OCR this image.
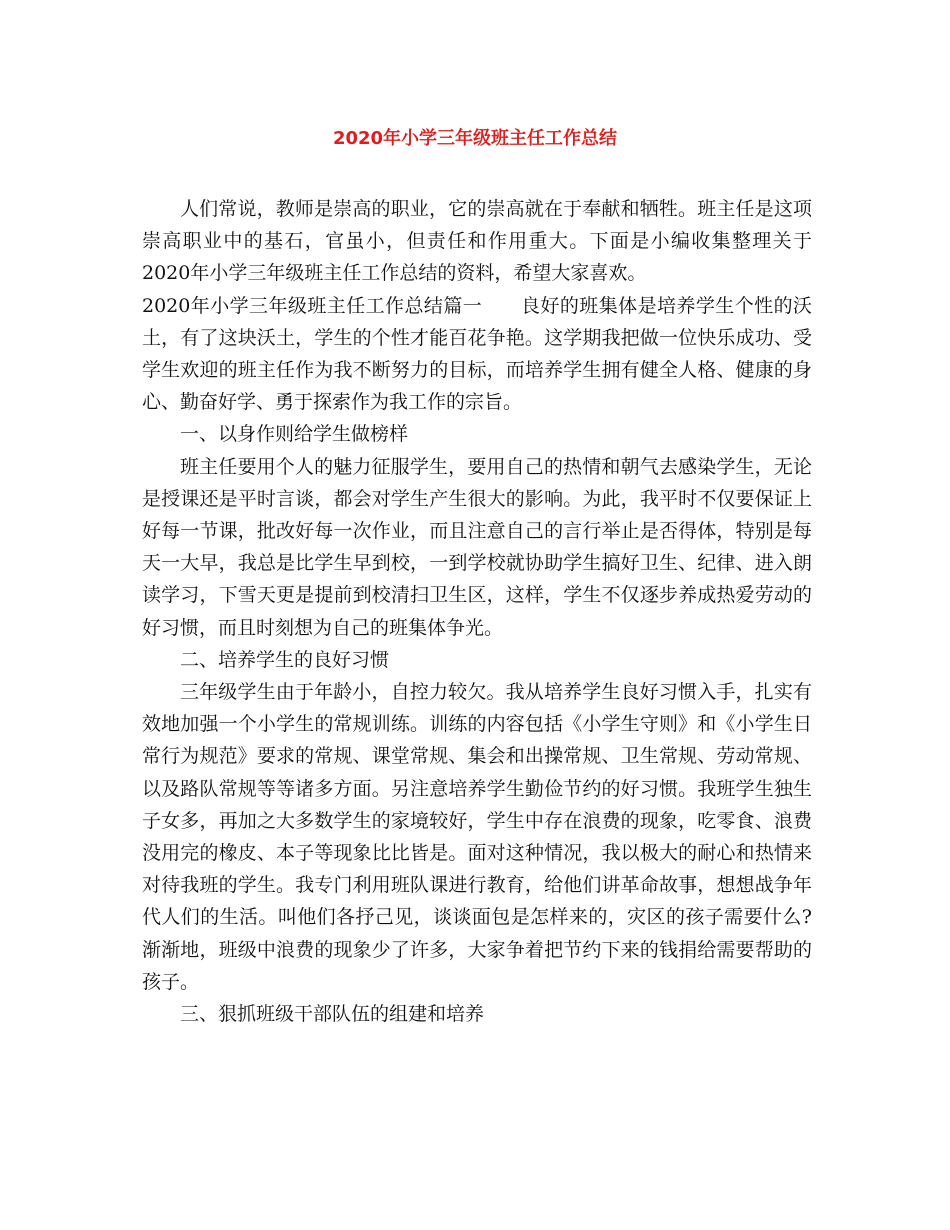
2020年小学三年级班主任工作总结

人们常说，教师是崇高的职业，它的崇高就在于奉献和牺牲。班主任是这项崇高职业中的基石，官虽小，但责任和作用重大。下面是小编收集整理关于2020年小学三年级班主任工作总结的资料，希望大家喜欢。

2020年小学三年级班主任工作总结篇一　　良好的班集体是培养学生个性的沃土，有了这块沃土，学生的个性才能百花争艳。这学期我把做一位快乐成功、受学生欢迎的班主任作为我不断努力的目标，而培养学生拥有健全人格、健康的身心、勤奋好学、勇于探索作为我工作的宗旨。

一、以身作则给学生做榜样

班主任要用个人的魅力征服学生，要用自己的热情和朝气去感染学生，无论是授课还是平时言谈，都会对学生产生很大的影响。为此，我平时不仅要保证上好每一节课，批改好每一次作业，而且注意自己的言行举止是否得体，特别是每天一大早，我总是比学生早到校，一到学校就协助学生搞好卫生、纪律、进入朗读学习，下雪天更是提前到校清扫卫生区，这样，学生不仅逐步养成热爱劳动的好习惯，而且时刻想为自己的班集体争光。

二、培养学生的良好习惯

三年级学生由于年龄小，自控力较欠。我从培养学生良好习惯入手，扎实有效地加强一个小学生的常规训练。训练的内容包括《小学生守则》和《小学生日常行为规范》要求的常规、课堂常规、集会和出操常规、卫生常规、劳动常规、以及路队常规等等诸多方面。另注意培养学生勤俭节约的好习惯。我班学生独生子女多，再加之大多数学生的家境较好，学生中存在浪费的现象，吃零食、浪费没用完的橡皮、本子等现象比比皆是。面对这种情况，我以极大的耐心和热情来对待我班的学生。我专门利用班队课进行教育，给他们讲革命故事，想想战争年代人们的生活。叫他们各抒己见，谈谈面包是怎样来的，灾区的孩子需要什么?渐渐地，班级中浪费的现象少了许多，大家争着把节约下来的钱捐给需要帮助的孩子。

三、狠抓班级干部队伍的组建和培养
